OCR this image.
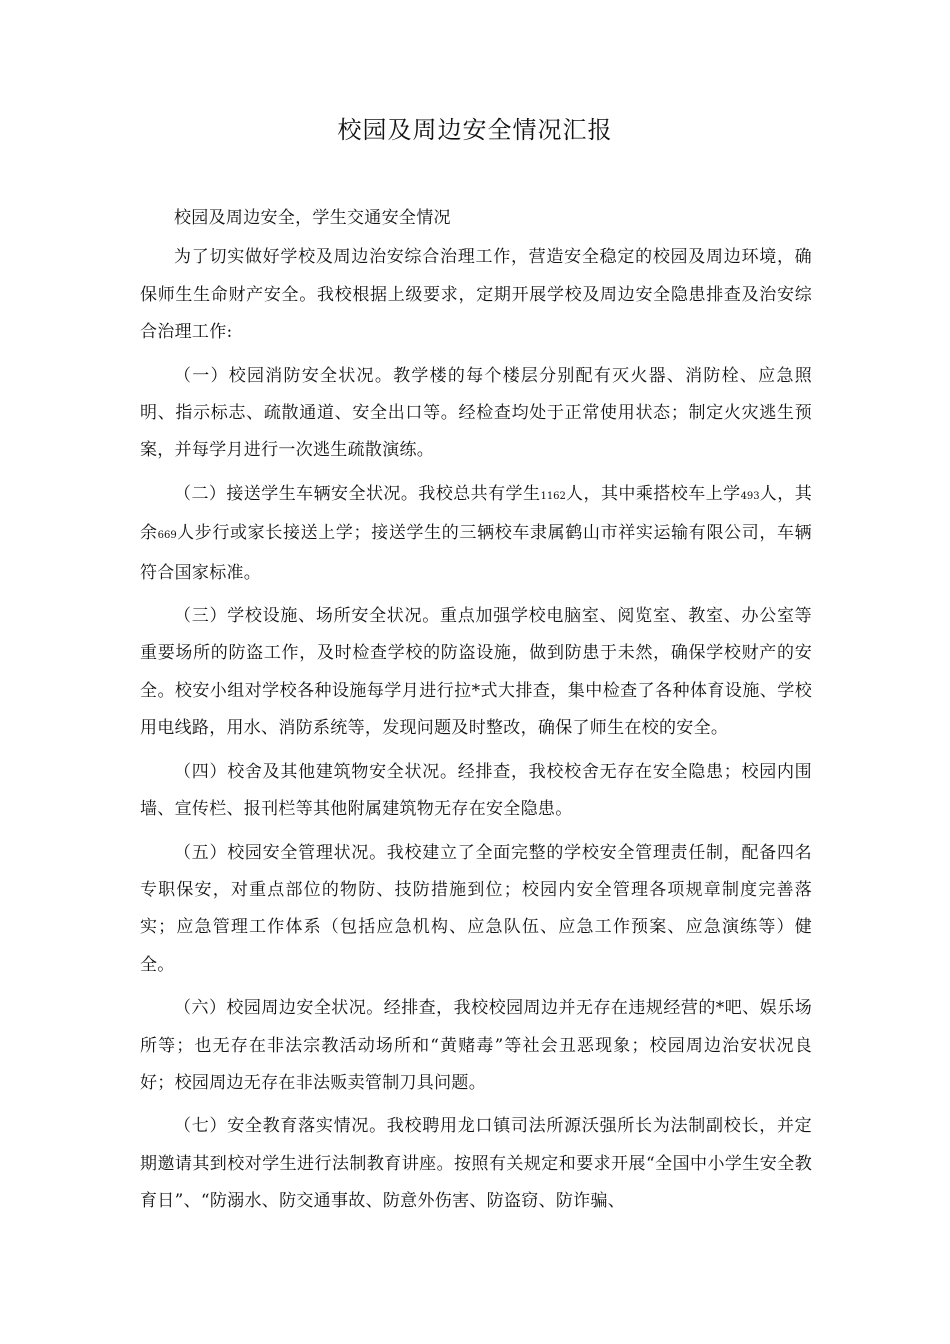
校园及周边安全情况汇报

校园及周边安全，学生交通安全情况

为了切实做好学校及周边治安综合治理工作，营造安全稳定的校园及周边环境，确保师生生命财产安全。我校根据上级要求，定期开展学校及周边安全隐患排查及治安综合治理工作:

（一）校园消防安全状况。教学楼的每个楼层分别配有灭火器、消防栓、应急照明、指示标志、疏散通道、安全出口等。经检查均处于正常使用状态；制定火灾逃生预案，并每学月进行一次逃生疏散演练。

（二）接送学生车辆安全状况。我校总共有学生1162人，其中乘搭校车上学493人，其余669人步行或家长接送上学；接送学生的三辆校车隶属鹤山市祥实运输有限公司，车辆符合国家标准。

（三）学校设施、场所安全状况。重点加强学校电脑室、阅览室、教室、办公室等重要场所的防盗工作，及时检查学校的防盗设施，做到防患于未然，确保学校财产的安全。校安小组对学校各种设施每学月进行拉*式大排查，集中检查了各种体育设施、学校用电线路，用水、消防系统等，发现问题及时整改，确保了师生在校的安全。

（四）校舍及其他建筑物安全状况。经排查，我校校舍无存在安全隐患；校园内围墙、宣传栏、报刊栏等其他附属建筑物无存在安全隐患。

（五）校园安全管理状况。我校建立了全面完整的学校安全管理责任制，配备四名专职保安，对重点部位的物防、技防措施到位；校园内安全管理各项规章制度完善落实；应急管理工作体系（包括应急机构、应急队伍、应急工作预案、应急演练等）健全。

（六）校园周边安全状况。经排查，我校校园周边并无存在违规经营的*吧、娱乐场所等；也无存在非法宗教活动场所和“黄赌毒”等社会丑恶现象；校园周边治安状况良好；校园周边无存在非法贩卖管制刀具问题。

（七）安全教育落实情况。我校聘用龙口镇司法所源沃强所长为法制副校长，并定期邀请其到校对学生进行法制教育讲座。按照有关规定和要求开展“全国中小学生安全教育日”、“防溺水、防交通事故、防意外伤害、防盗窃、防诈骗、
